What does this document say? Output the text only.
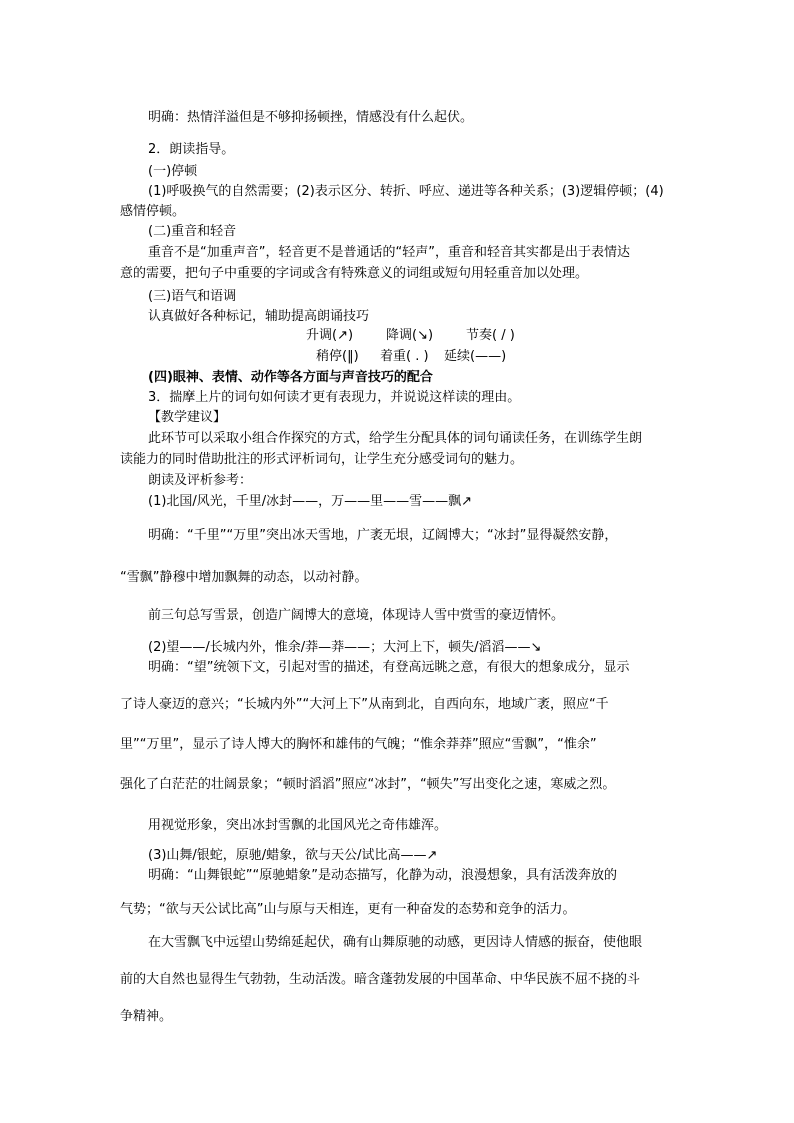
明确：热情洋溢但是不够抑扬顿挫，情感没有什么起伏。
2．朗读指导。
(一)停顿
(1)呼吸换气的自然需要；(2)表示区分、转折、呼应、递进等各种关系；(3)逻辑停顿；(4)
感情停顿。
(二)重音和轻音
重音不是“加重声音”，轻音更不是普通话的“轻声”，重音和轻音其实都是出于表情达
意的需要，把句子中重要的字词或含有特殊意义的词组或短句用轻重音加以处理。
(三)语气和语调
认真做好各种标记，辅助提高朗诵技巧
升调(↗)	降调(↘)	节奏( / )
稍停(‖) 着重( . ) 延续(——)
(四)眼神、表情、动作等各方面与声音技巧的配合
3．揣摩上片的词句如何读才更有表现力，并说说这样读的理由。
【教学建议】
此环节可以采取小组合作探究的方式，给学生分配具体的词句诵读任务，在训练学生朗
读能力的同时借助批注的形式评析词句，让学生充分感受词句的魅力。
朗读及评析参考：
(1)北国/风光，千里/冰封——，万——里——雪——飘↗
明确：“千里”“万里”突出冰天雪地，广袤无垠，辽阔博大；“冰封”显得凝然安静，
“雪飘”静穆中增加飘舞的动态，以动衬静。
前三句总写雪景，创造广阔博大的意境，体现诗人雪中赏雪的豪迈情怀。
(2)望——/长城内外，惟余/莽—莽——；大河上下，顿失/滔滔——↘
明确：“望”统领下文，引起对雪的描述，有登高远眺之意，有很大的想象成分，显示
了诗人豪迈的意兴；“长城内外”“大河上下”从南到北，自西向东，地域广袤，照应“千
里”“万里”，显示了诗人博大的胸怀和雄伟的气魄；“惟余莽莽”照应“雪飘”，“惟余”
强化了白茫茫的壮阔景象；“顿时滔滔”照应“冰封”，“顿失”写出变化之速，寒威之烈。
用视觉形象，突出冰封雪飘的北国风光之奇伟雄浑。
(3)山舞/银蛇，原驰/蜡象，欲与天公/试比高——↗
明确：“山舞银蛇”“原驰蜡象”是动态描写，化静为动，浪漫想象，具有活泼奔放的
气势；“欲与天公试比高”山与原与天相连，更有一种奋发的态势和竞争的活力。
在大雪飘飞中远望山势绵延起伏，确有山舞原驰的动感，更因诗人情感的振奋，使他眼
前的大自然也显得生气勃勃，生动活泼。暗含蓬勃发展的中国革命、中华民族不屈不挠的斗
争精神。
